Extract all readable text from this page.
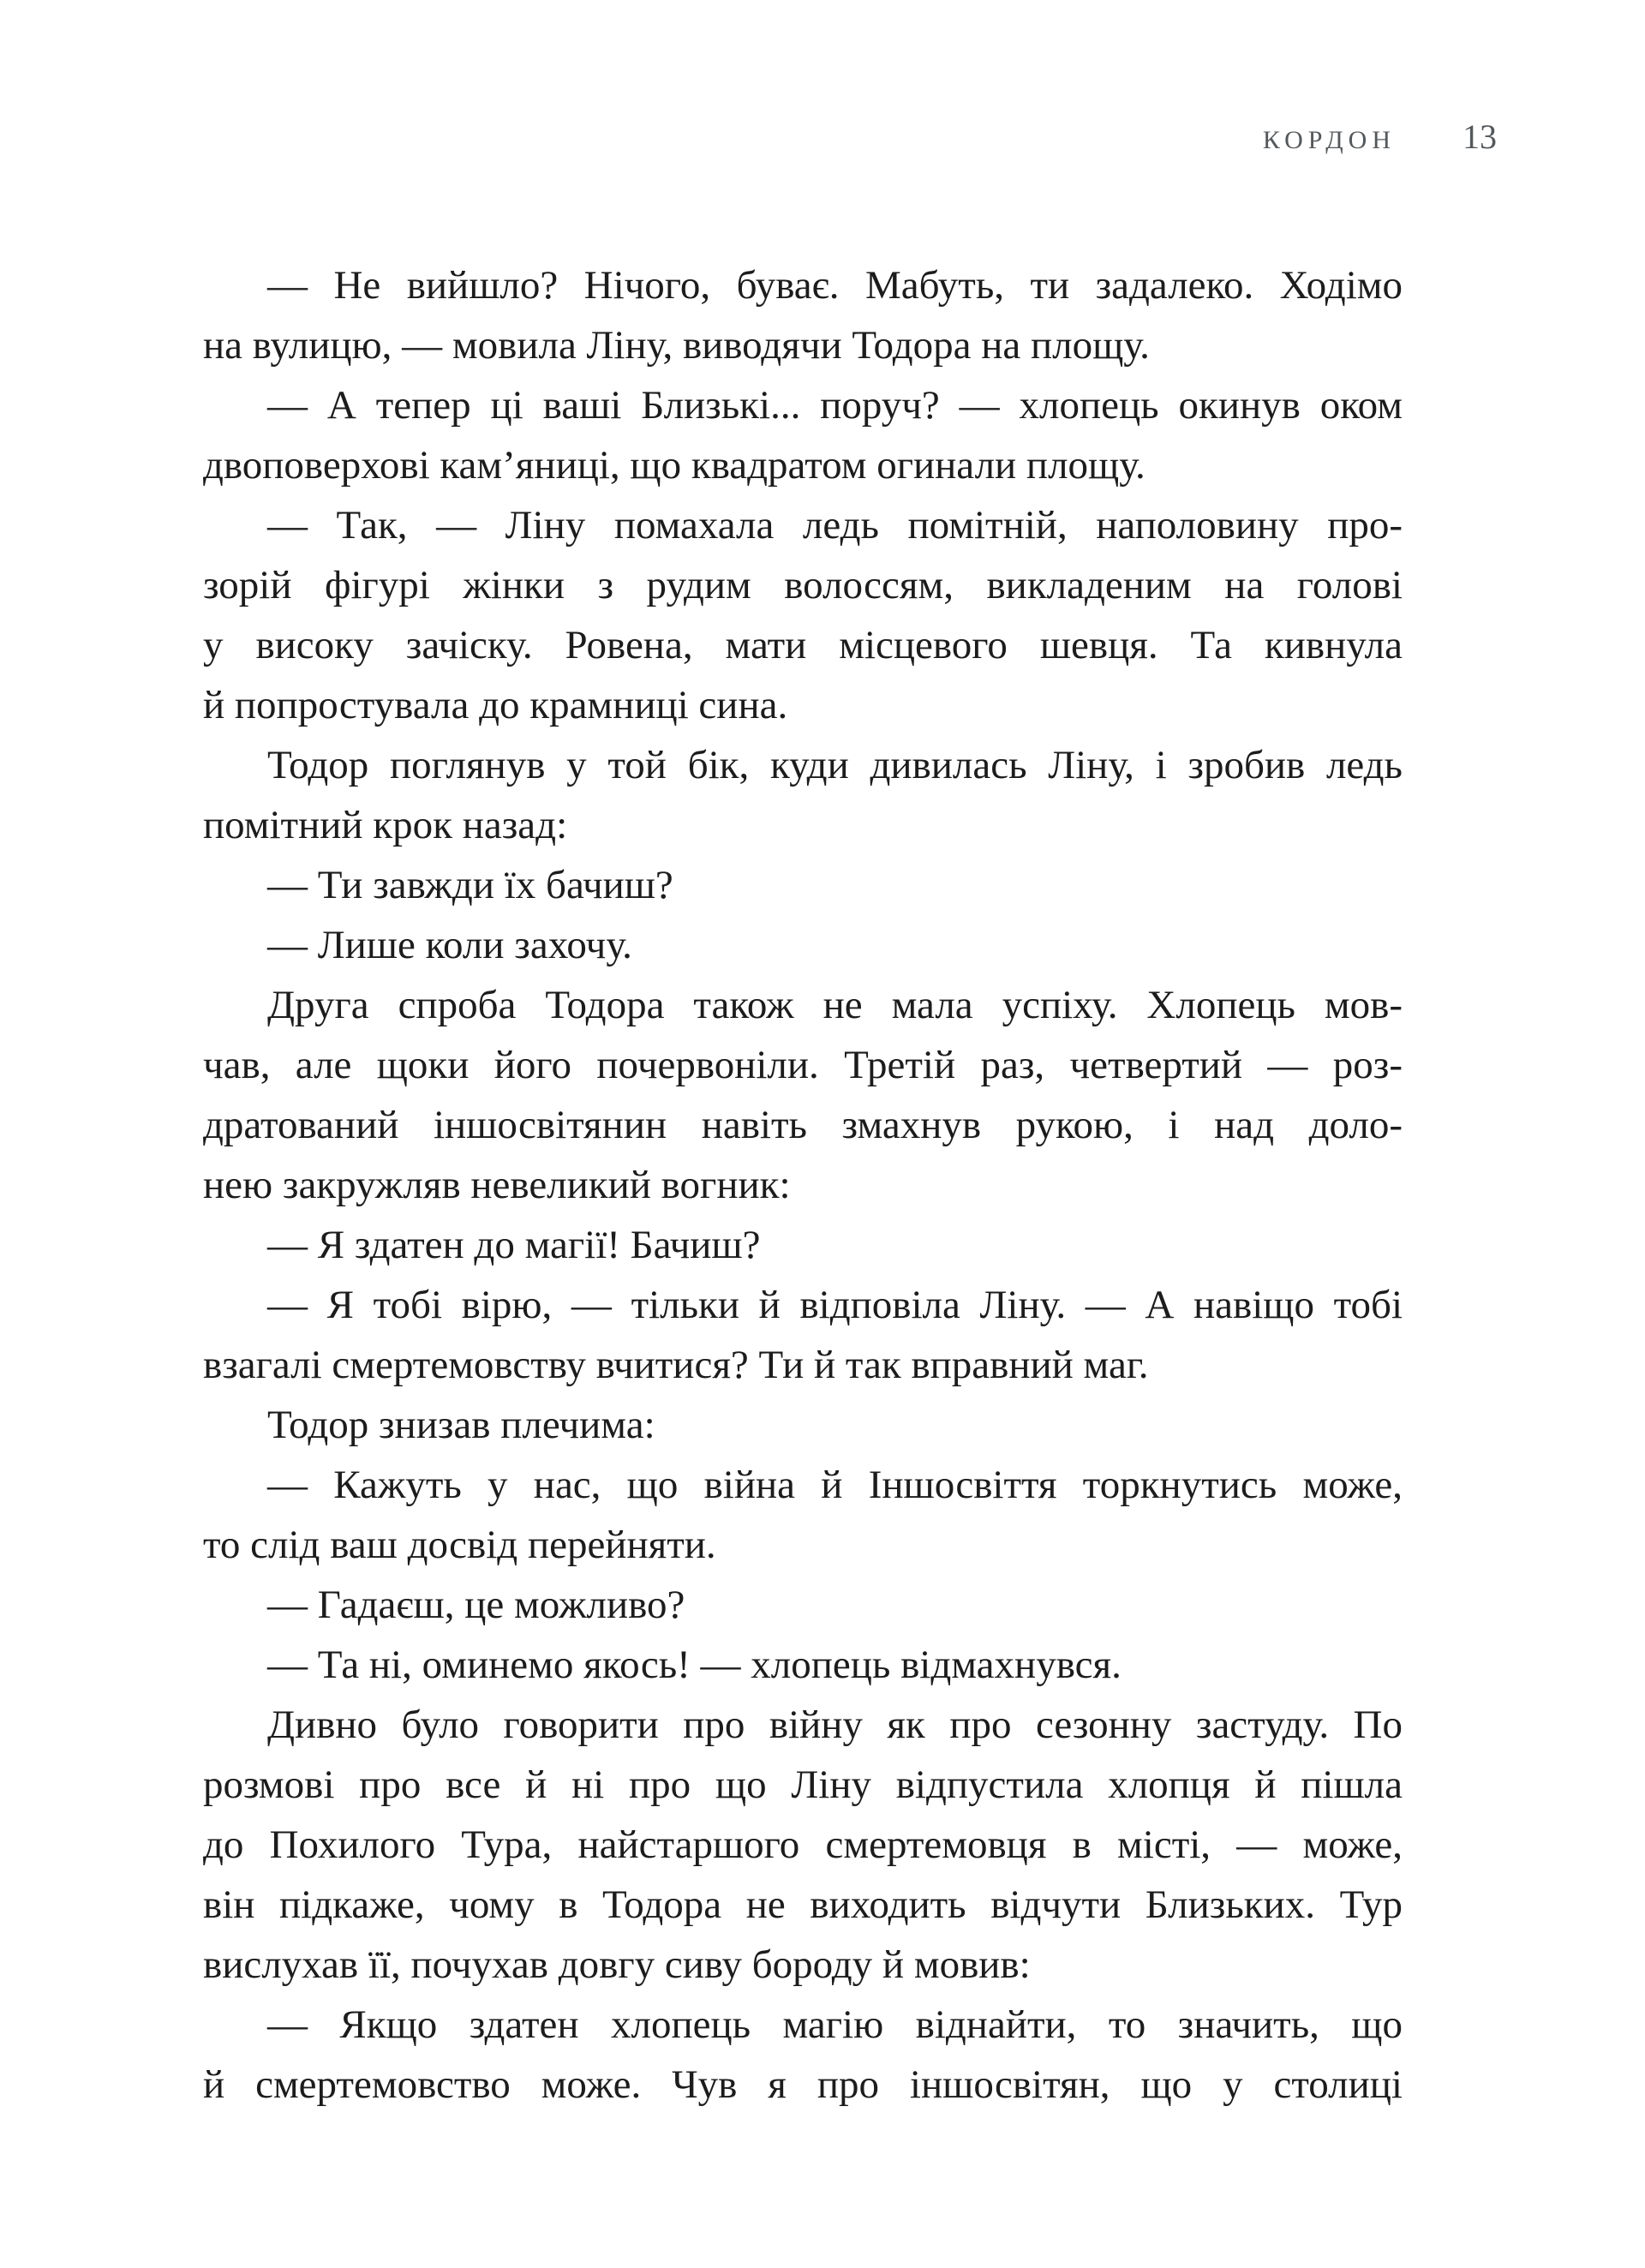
КОРДОН 13
— Не вийшло? Нічого, буває. Мабуть, ти задалеко. Ходімо
на вулицю, — мовила Ліну, виводячи Тодора на площу.
— А тепер ці ваші Близькі... поруч? — хлопець окинув оком
двоповерхові кам’яниці, що квадратом огинали площу.
— Так, — Ліну помахала ледь помітній, наполовину про-
зорій фігурі жінки з рудим волоссям, викладеним на голові
у високу зачіску. Ровена, мати місцевого шевця. Та кивнула
й попростувала до крамниці сина.
Тодор поглянув у той бік, куди дивилась Ліну, і зробив ледь
помітний крок назад:
— Ти завжди їх бачиш?
— Лише коли захочу.
Друга спроба Тодора також не мала успіху. Хлопець мов-
чав, але щоки його почервоніли. Третій раз, четвертий — роз-
дратований іншосвітянин навіть змахнув рукою, і над доло-
нею закружляв невеликий вогник:
— Я здатен до магії! Бачиш?
— Я тобі вірю, — тільки й відповіла Ліну. — А навіщо тобі
взагалі смертемовству вчитися? Ти й так вправний маг.
Тодор знизав плечима:
— Кажуть у нас, що війна й Іншосвіття торкнутись може,
то слід ваш досвід перейняти.
— Гадаєш, це можливо?
— Та ні, оминемо якось! — хлопець відмахнувся.
Дивно було говорити про війну як про сезонну застуду. По
розмові про все й ні про що Ліну відпустила хлопця й пішла
до Похилого Тура, найстаршого смертемовця в місті, — може,
він підкаже, чому в Тодора не виходить відчути Близьких. Тур
вислухав її, почухав довгу сиву бороду й мовив:
— Якщо здатен хлопець магію віднайти, то значить, що
й смертемовство може. Чув я про іншосвітян, що у столиці
